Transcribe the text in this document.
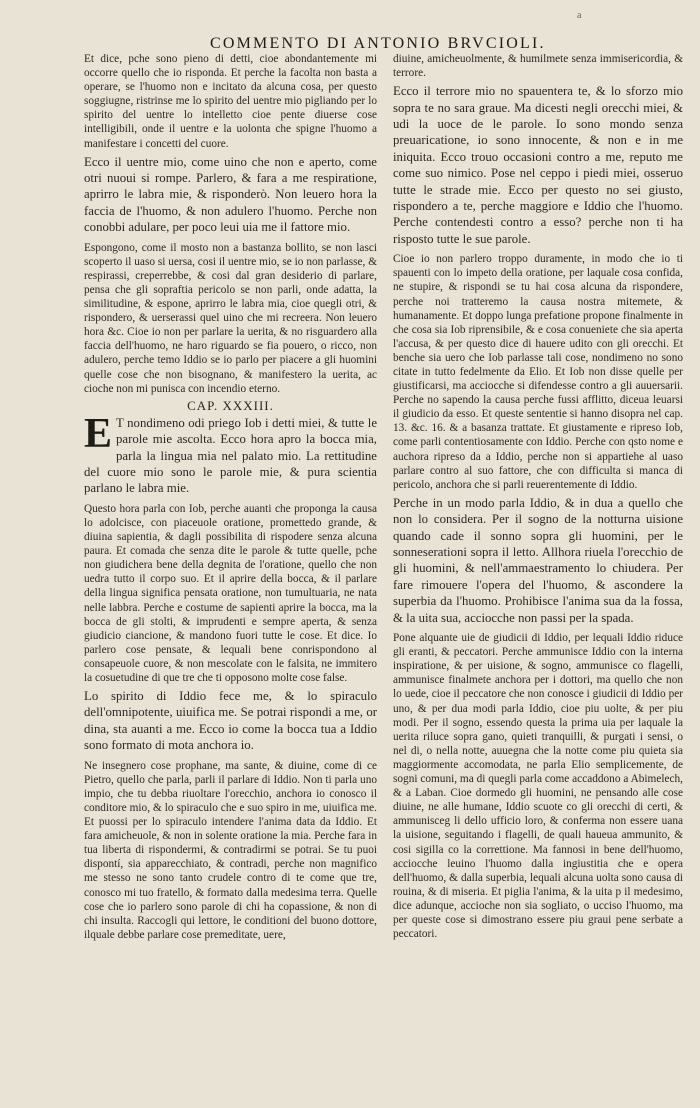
a
COMMENTO DI ANTONIO BRVCIOLI.

Et dice, pche sono pieno di detti, cioe abondantemente mi occorre quello che io risponda. Et perche la facolta non basta a operare, se l'huomo non e incitato da alcuna cosa, per questo soggiugne, ristrinse me lo spirito del uentre mio pigliando per lo spirito del uentre lo intelletto cioe pente diuerse cose intelligibili, onde il uentre e la uolonta che spigne l'huomo a manifestare i concetti del cuore.

Ecco il uentre mio, come uino che non e aperto, come otri nuoui si rompe. Parlero, & fara a me respiratione, aprirro le labra mie, & risponderò. Non leuero hora la faccia de l'huomo, & non adulero l'huomo. Perche non conobbi adulare, per poco leui uia me il fattore mio.

Espongono, come il mosto non a bastanza bollito, se non lasci scoperto il uaso si uersa, cosi il uentre mio, se io non parlasse, & respirassi, creperrebbe, & cosi dal gran desiderio di parlare, pensa che gli sopraftia pericolo se non parli, onde adatta, la similitudine, & espone, aprirro le labra mia, cioe quegli otri, & rispondero, & uerserassi quel uino che mi recreera. Non leuero hora &c. Cioe io non per parlare la uerita, & no risguardero alla faccia dell'huomo, ne haro riguardo se fia pouero, o ricco, non adulero, perche temo Iddio se io parlo per piacere a gli huomini quelle cose che non bisognano, & manifestero la uerita, ac cioche non mi punisca con incendio eterno.

CAP. XXXIII.

E T nondimeno odi priego Iob i detti miei, & tutte le parole mie ascolta. Ecco hora apro la bocca mia, parla la lingua mia nel palato mio. La rettitudine del cuore mio sono le parole mie, & pura scientia parlano le labra mie.

Questo hora parla con Iob, perche auanti che proponga la causa lo adolcisce, con piaceuole oratione, promettedo grande, & diuina sapientia, & dagli possibilita di rispodere senza alcuna paura. Et comada che senza dite le parole & tutte quelle, pche non giudichera bene della degnita de l'oratione, quello che non uedra tutto il corpo suo. Et il aprire della bocca, & il parlare della lingua significa pensata oratione, non tumultuaria, ne nata nelle labbra. Perche e costume de sapienti aprire la bocca, ma la bocca de gli stolti, & imprudenti e sempre aperta, & senza giudicio ciancione, & mandono fuori tutte le cose. Et dice. Io parlero cose pensate, & lequali bene conrispondono al consapeuole cuore, & non mescolate con le falsita, ne immitero la cosuetudine di que tre che ti opposono molte cose false.

Lo spirito di Iddio fece me, & lo spiraculo dell'omnipotente, uiuifica me. Se potrai rispondi a me, or dina, sta auanti a me. Ecco io come la bocca tua a Iddio sono formato di mota anchora io.

Ne insegnero cose prophane, ma sante, & diuine, come di ce Pietro, quello che parla, parli il parlare di Iddio. Non ti parla uno impio, che tu debba riuoltare l'orecchio, anchora io conosco il conditore mio, & lo spiraculo che e suo spiro in me, uiuifica me. Et puossi per lo spiraculo intendere l'anima data da Iddio. Et fara amicheuole, & non in solente oratione la mia. Perche fara in tua liberta di rispondermi, & contradirmi se potrai. Se tu puoi dispontí, sia apparecchiato, & contradi, perche non magnifico me stesso ne sono tanto crudele contro di te come que tre, conosco mi tuo fratello, & formato dalla medesima terra. Quelle cose che io parlero sono parole di chi ha copassione, & non di chi insulta. Raccogli qui lettore, le conditioni del buono dottore, ilquale debbe parlare cose premeditate, uere,

diuine, amicheuolmente, & humilmete senza immisericordia, & terrore.

Ecco il terrore mio no spauentera te, & lo sforzo mio sopra te no sara graue. Ma dicesti negli orecchi miei, & udi la uoce de le parole. Io sono mondo senza preuaricatione, io sono innocente, & non e in me iniquita. Ecco trouo occasioni contro a me, reputo me come suo nimico. Pose nel ceppo i piedi miei, osseruo tutte le strade mie. Ecco per questo no sei giusto, rispondero a te, perche maggiore e Iddio che l'huomo. Perche contendesti contro a esso? perche non ti ha risposto tutte le sue parole.

Cioe io non parlero troppo duramente, in modo che io ti spauenti con lo impeto della oratione, per laquale cosa confida, ne stupire, & rispondi se tu hai cosa alcuna da rispondere, perche noi tratteremo la causa nostra mitemete, & humanamente. Et doppo lunga prefatione propone finalmente in che cosa sia Iob riprensibile, & e cosa conueniete che sia aperta l'accusa, & per questo dice di hauere udito con gli orecchi. Et benche sia uero che Iob parlasse tali cose, nondimeno no sono citate in tutto fedelmente da Elio. Et Iob non disse quelle per giustificarsi, ma acciocche si difendesse contro a gli auuersarii. Perche no sapendo la causa perche fussi afflitto, diceua leuarsi il giudicio da esso. Et queste sententie si hanno disopra nel cap. 13. &c. 16. & a basanza trattate. Et giustamente e ripreso Iob, come parli contentiosamente con Iddio. Perche con qsto nome e auchora ripreso da a Iddio, perche non si appartiehe al uaso parlare contro al suo fattore, che con difficulta si manca di pericolo, anchora che si parli reuerentemente di Iddio.

Perche in un modo parla Iddio, & in dua a quello che non lo considera. Per il sogno de la notturna uisione quando cade il sonno sopra gli huomini, per le sonneserationi sopra il letto. Allhora riuela l'orecchio de gli huomini, & nell'ammaestramento lo chiudera. Per fare rimouere l'opera del l'huomo, & ascondere la superbia da l'huomo. Prohibisce l'anima sua da la fossa, & la uita sua, acciocche non passi per la spada.

Pone alquante uie de giudicii di Iddio, per lequali Iddio riduce gli eranti, & peccatori. Perche ammunisce Iddio con la interna inspiratione, & per uisione, & sogno, ammunisce co flagelli, ammunisce finalmete anchora per i dottori, ma quello che non lo uede, cioe il peccatore che non conosce i giudicii di Iddio per uno, & per dua modi parla Iddio, cioe piu uolte, & per piu modi. Per il sogno, essendo questa la prima uia per laquale la uerita riluce sopra gano, quieti tranquilli, & purgati i sensi, o nel di, o nella notte, auuegna che la notte come piu quieta sia maggiormente accomodata, ne parla Elio semplicemente, de sogni comuni, ma di quegli parla come accaddono a Abimelech, & a Laban. Cioe dormedo gli huomini, ne pensando alle cose diuine, ne alle humane, Iddio scuote co gli orecchi di certi, & ammunisceg li dello ufficio loro, & conferma non essere uana la uisione, seguitando i flagelli, de quali haueua ammunito, & cosi sigilla co la correttione. Ma fannosi in bene dell'huomo, acciocche leuino l'huomo dalla ingiustitia che e opera dell'huomo, & dalla superbia, lequali alcuna uolta sono causa di rouina, & di miseria. Et piglia l'anima, & la uita p il medesimo, dice adunque, accioche non sia sogliato, o ucciso l'huomo, ma per queste cose si dimostrano essere piu graui pene serbate a peccatori.
